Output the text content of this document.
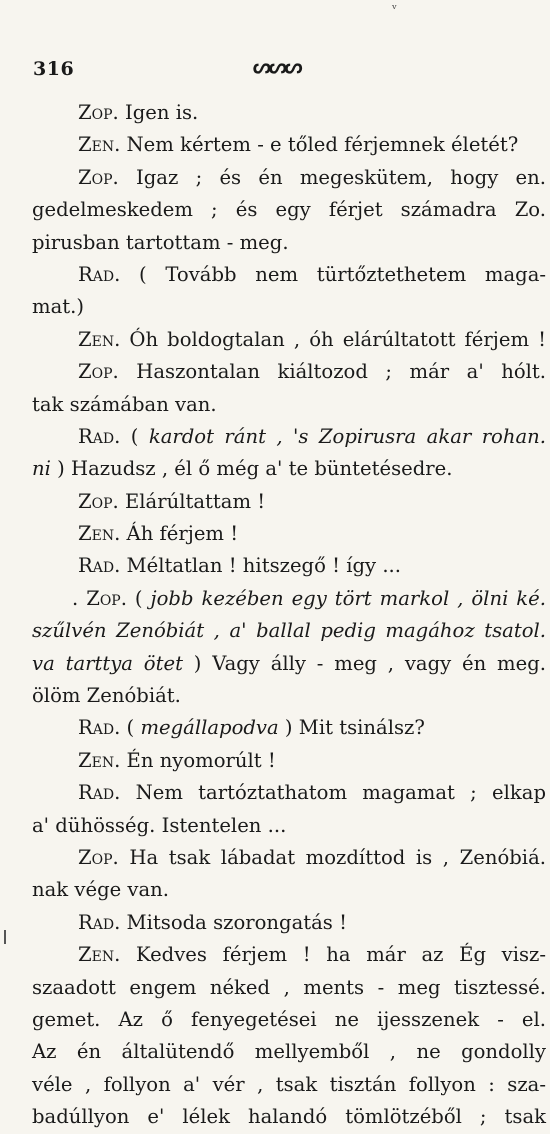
ᵛ
316	ᔕᔕᔕ
Zop. Igen is.
Zen. Nem kértem - e tőled férjemnek életét?
Zop. Igaz ; és én megeskütem, hogy en.
gedelmeskedem ; és egy férjet számadra Zo.
pirusban tartottam - meg.
Rad. ( Tovább nem türtőztethetem maga-
mat.)
Zen. Óh boldogtalan , óh elárúltatott férjem !
Zop. Haszontalan kiáltozod ; már a' hólt.
tak számában van.
Rad. ( kardot ránt , 's Zopirusra akar rohan.
ni ) Hazudsz , él ő még a' te büntetésedre.
Zop. Elárúltattam !
Zen. Áh férjem !
Rad. Méltatlan ! hitszegő ! így ...
. Zop. ( jobb kezében egy tört markol , ölni ké.
szűlvén Zenóbiát , a' ballal pedig magához tsatol.
va tarttya ötet ) Vagy álly - meg , vagy én meg.
ölöm Zenóbiát.
Rad. ( megállapodva ) Mit tsinálsz?
Zen. Én nyomorúlt !
Rad. Nem tartóztathatom magamat ; elkap
a' dühösség. Istentelen ...
Zop. Ha tsak lábadat mozdíttod is , Zenóbiá.
nak vége van.
Rad. Mitsoda szorongatás !
Zen. Kedves férjem ! ha már az Ég visz-
szaadott engem néked , ments - meg tisztessé.
gemet. Az ő fenyegetései ne ijesszenek - el.
Az én általütendő mellyemből , ne gondolly
véle , follyon a' vér , tsak tisztán follyon : sza-
badúllyon e' lélek halandó tömlötzéből ; tsak
